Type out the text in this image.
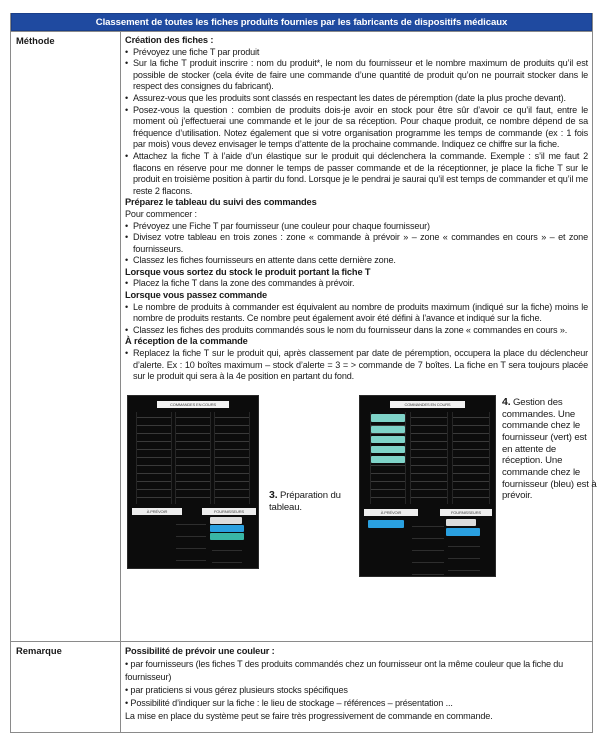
Classement de toutes les fiches produits fournies par les fabricants de dispositifs médicaux
Méthode	Création des fiches :
• Prévoyez une fiche T par produit
• Sur la fiche T produit inscrire : nom du produit*, le nom du fournisseur et le nombre maximum de produits qu’il est possible de stocker (cela évite de faire une commande d’une quantité de produit qu’on ne pourrait stocker dans le respect des consignes du fabricant).
• Assurez-vous que les produits sont classés en respectant les dates de péremption (date la plus proche devant).
• Posez-vous la question : combien de produits dois-je avoir en stock pour être sûr d’avoir ce qu’il faut, entre le moment où j’effectuerai une commande et le jour de sa réception. Pour chaque produit, ce nombre dépend de sa fréquence d’utilisation. Notez également que si votre organisation programme les temps de commande (ex : 1 fois par mois) vous devez envisager le temps d’attente de la prochaine commande. Indiquez ce chiffre sur la fiche.
• Attachez la fiche T à l’aide d’un élastique sur le produit qui déclenchera la commande. Exemple : s’il me faut 2 flacons en réserve pour me donner le temps de passer commande et de la réceptionner, je place la fiche T sur le produit en troisième position à partir du fond. Lorsque je le pendrai je saurai qu’il est temps de commander et qu’il me reste 2 flacons.
Préparez le tableau du suivi des commandes
Pour commencer :
• Prévoyez une Fiche T par fournisseur (une couleur pour chaque fournisseur)
• Divisez votre tableau en trois zones : zone « commande à prévoir » – zone « commandes en cours » – et zone fournisseurs.
• Classez les fiches fournisseurs en attente dans cette dernière zone.
Lorsque vous sortez du stock le produit portant la fiche T
• Placez la fiche T dans la zone des commandes à prévoir.
Lorsque vous passez commande
• Le nombre de produits à commander est équivalent au nombre de produits maximum (indiqué sur la fiche) moins le nombre de produits restants. Ce nombre peut également avoir été défini à l’avance et indiqué sur la fiche.
• Classez les fiches des produits commandés sous le nom du fournisseur dans la zone « commandes en cours ».
À réception de la commande
• Replacez la fiche T sur le produit qui, après classement par date de péremption, occupera la place du déclencheur d’alerte. Ex : 10 boîtes maximum – stock d’alerte = 3 = > commande de 7 boîtes. La fiche en T sera toujours placée sur le produit qui sera à la 4e position en partant du fond.
COMMANDES EN COURS
À PRÉVOIR	FOURNISSEURS
3. Préparation du tableau.
COMMANDES EN COURS
À PRÉVOIR	FOURNISSEURS
4. Gestion des commandes. Une commande chez le fournisseur (vert) est en attente de réception. Une commande chez le fournisseur (bleu) est à prévoir.
Remarque	Possibilité de prévoir une couleur :
• par fournisseurs (les fiches T des produits commandés chez un fournisseur ont la même couleur que la fiche du fournisseur)
• par praticiens si vous gérez plusieurs stocks spécifiques
• Possibilité d’indiquer sur la fiche : le lieu de stockage – références – présentation ...
La mise en place du système peut se faire très progressivement de commande en commande.
